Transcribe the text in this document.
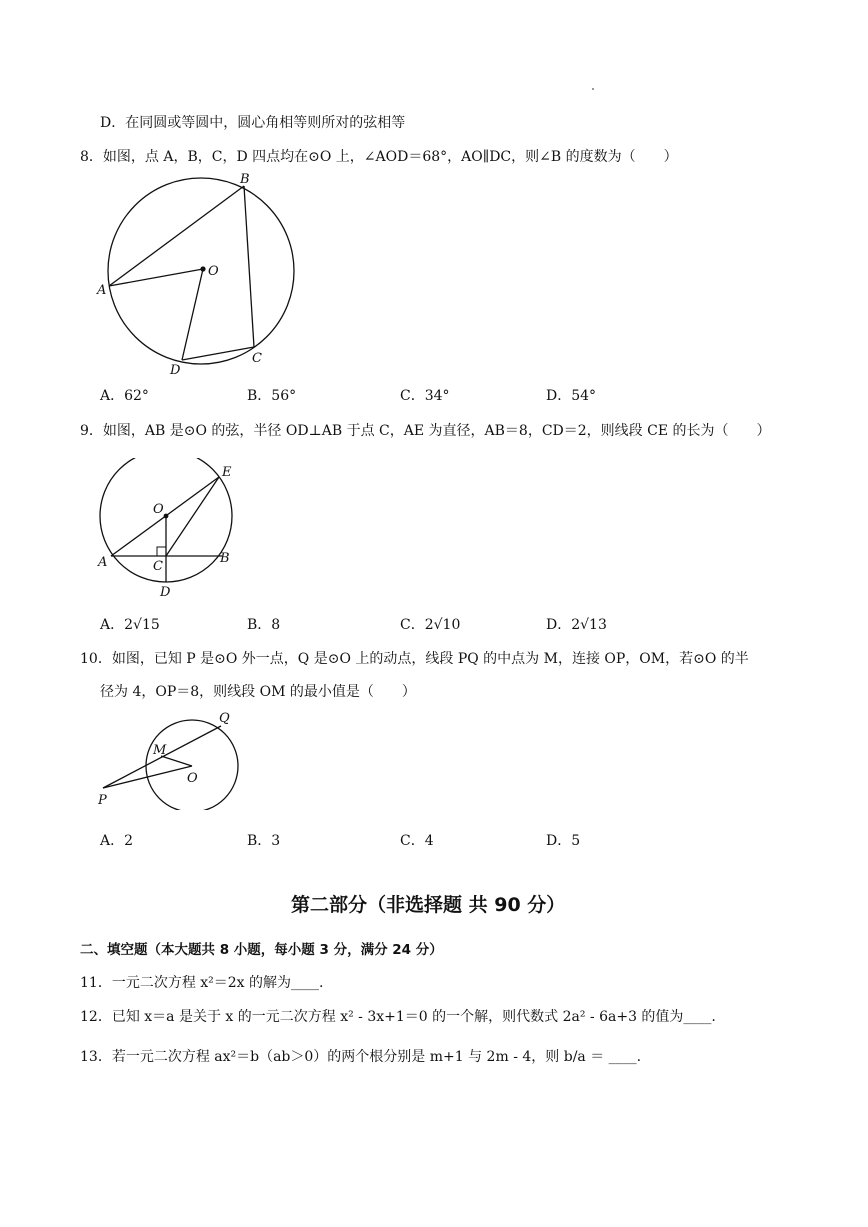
D．在同圆或等圆中，圆心角相等则所对的弦相等
8．如图，点 A，B，C，D 四点均在⊙O 上，∠AOD＝68°，AO∥DC，则∠B 的度数为（　　）
A
B
C
D
O
A．62°	B．56°	C．34°	D．54°
9．如图，AB 是⊙O 的弦，半径 OD⊥AB 于点 C，AE 为直径，AB＝8，CD＝2，则线段 CE 的长为（　　）
A	B
C
D
E
O
A．2√15	B．8	C．2√10	D．2√13
10．如图，已知 P 是⊙O 外一点，Q 是⊙O 上的动点，线段 PQ 的中点为 M，连接 OP，OM，若⊙O 的半
径为 4，OP＝8，则线段 OM 的最小值是（　　）
M
O
P
Q
A．2	B．3	C．4	D．5
第二部分（非选择题 共 90 分）
二、填空题（本大题共 8 小题，每小题 3 分，满分 24 分）
11．一元二次方程 x²＝2x 的解为____.
12．已知 x＝a 是关于 x 的一元二次方程 x² - 3x+1＝0 的一个解，则代数式 2a² - 6a+3 的值为____.
13．若一元二次方程 ax²＝b（ab＞0）的两个根分别是 m+1 与 2m - 4，则 b/a ＝ ____.
